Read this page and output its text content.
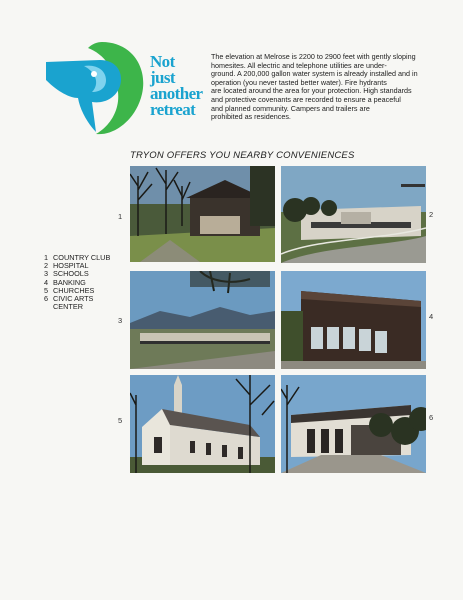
Not
just
another
retreat
The elevation at Melrose is 2200 to 2900 feet with gently sloping
homesites. All electric and telephone utilities are under-
ground. A 200,000 gallon water system is already installed and in
operation (you never tasted better water). Fire hydrants
are located around the area for your protection. High standards
and protective covenants are recorded to ensure a peaceful
and planned community. Campers and trailers are
prohibited as residences.
TRYON OFFERS YOU NEARBY CONVENIENCES
1 COUNTRY CLUB
2 HOSPITAL
3 SCHOOLS
4 BANKING
5 CHURCHES
6 CIVIC ARTS
CENTER
1	2
3	4
5	6
